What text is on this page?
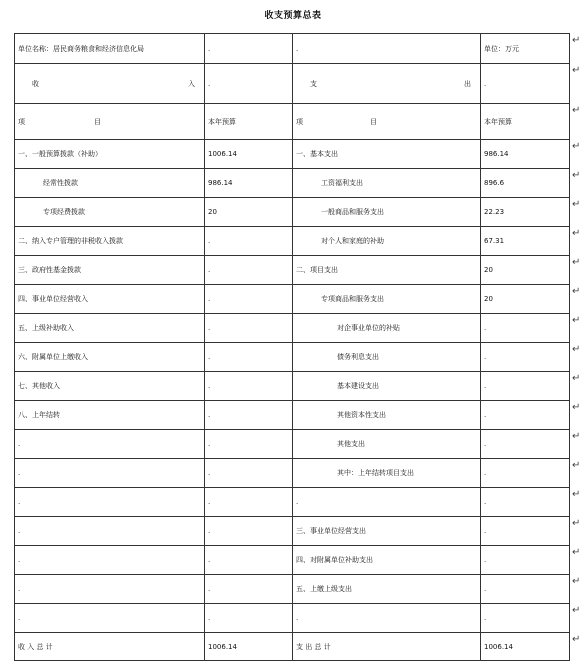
收支预算总表
单位名称：居民商务粮食和经济信息化局	.	.	单位：万元

收 入	.	支 出	.

项 目	本年预算	项 目	本年预算
一、一般预算拨款（补助）	1006.14	一、基本支出	986.14
经常性拨款	986.14	工资福利支出	896.6
专项经费拨款	20	一般商品和服务支出	22.23
二、纳入专户管理的非税收入拨款	.	对个人和家庭的补助	67.31
三、政府性基金拨款	.	二、项目支出	20
四、事业单位经营收入	.	专项商品和服务支出	20
五、上级补助收入	.	对企事业单位的补贴	.
六、附属单位上缴收入	.	债务利息支出	.
七、其他收入	.	基本建设支出	.
八、上年结转	.	其他资本性支出	.
.	.	其他支出	.
.	.	其中：上年结转项目支出	.
.	.	.	.
.	.	三、事业单位经营支出	.
.	.	四、对附属单位补助支出	.
.	.	五、上缴上级支出	.
.	.	.	.
收 入 总 计	1006.14	支 出 总 计	1006.14
↵
↵
↵
↵
↵
↵
↵
↵
↵
↵
↵
↵
↵
↵
↵
↵
↵
↵
↵
↵
↵
